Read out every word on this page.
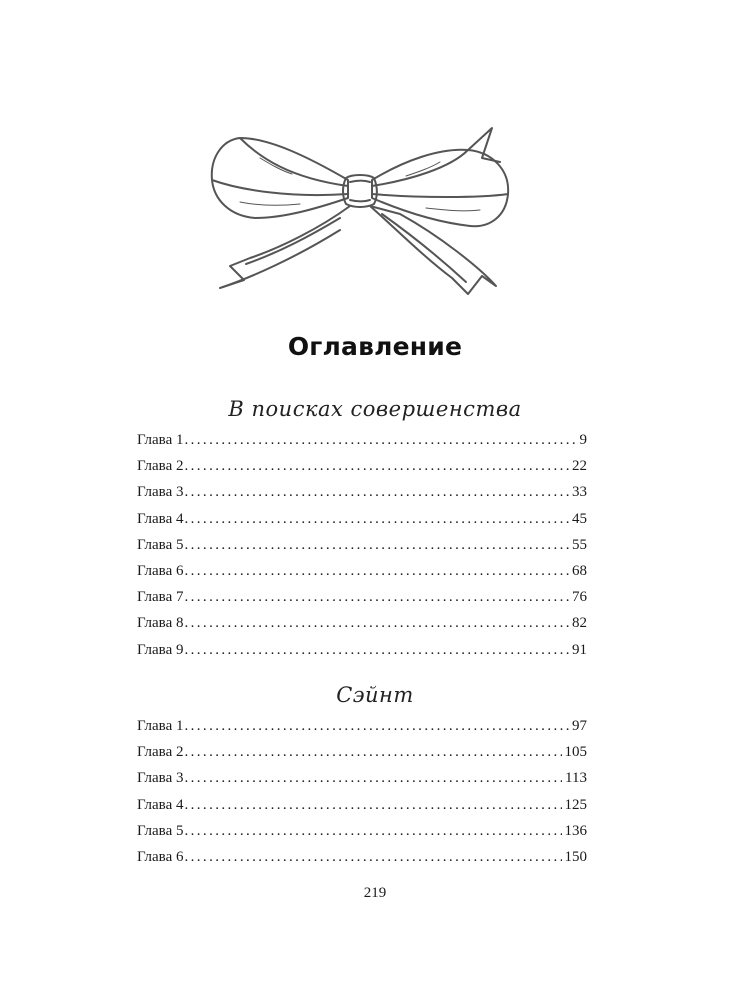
Оглавление
В поисках совершенства
Глава 1 .....	9
Глава 2 .....	22
Глава 3 .....	33
Глава 4 .....	45
Глава 5 .....	55
Глава 6 .....	68
Глава 7 .....	76
Глава 8 .....	82
Глава 9 .....	91
Сэйнт
Глава 1 .....	97
Глава 2 .....	105
Глава 3 .....	113
Глава 4 .....	125
Глава 5 .....	136
Глава 6 .....	150
219
